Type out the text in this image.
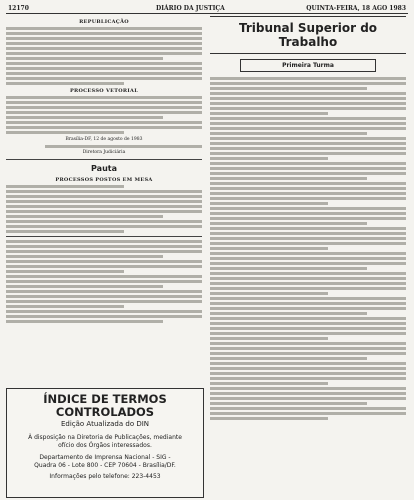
12170	DIÁRIO DA JUSTIÇA	QUINTA-FEIRA, 18 AGO 1983
REPUBLICAÇÃO
PROCESSO VETORIAL
Brasília-DF, 12 de agosto de 1983
Diretora Judiciária
Pauta
PROCESSOS POSTOS EM MESA
ÍNDICE DE TERMOS CONTROLADOS
Edição Atualizada do DIN
À disposição na Diretoria de Publicações, mediante
ofício dos Órgãos interessados.
Departamento de Imprensa Nacional - SIG -
Quadra 06 - Lote 800 - CEP 70604 - Brasília/DF.
Informações pelo telefone: 223-4453
Tribunal Superior do Trabalho
Primeira Turma
